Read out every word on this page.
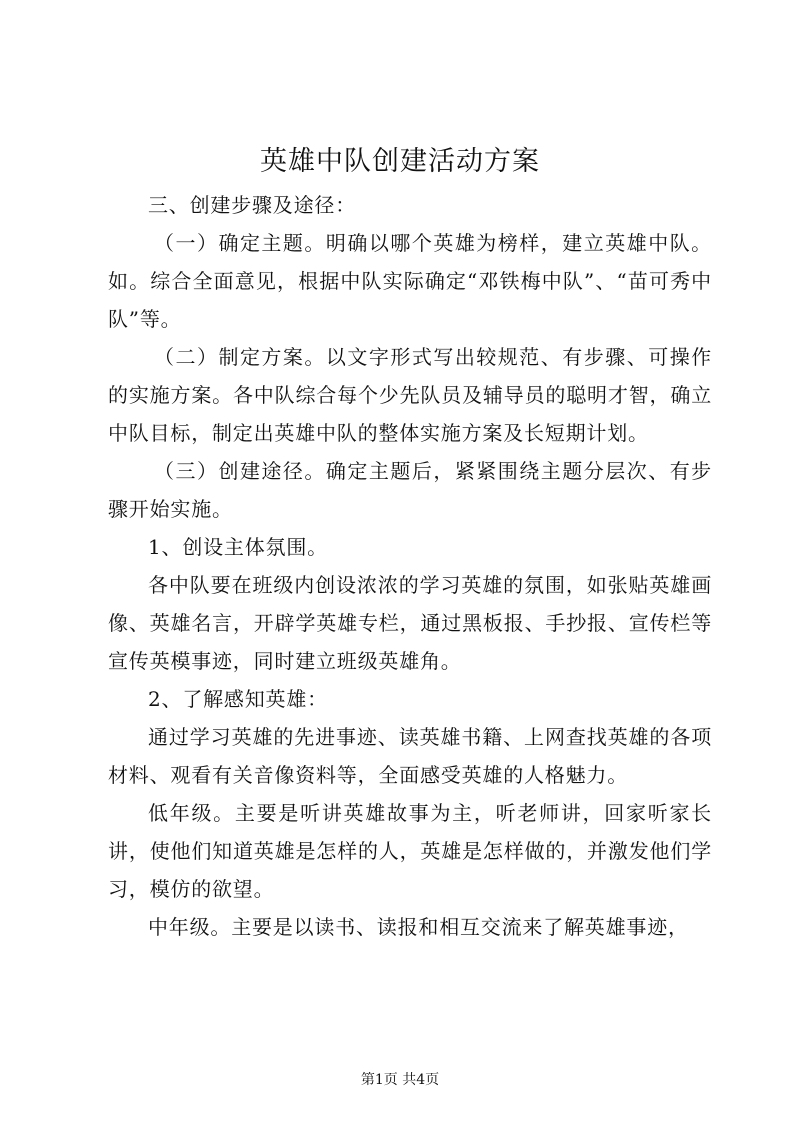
英雄中队创建活动方案

三、创建步骤及途径：

（一）确定主题。明确以哪个英雄为榜样，建立英雄中队。如。综合全面意见，根据中队实际确定“邓铁梅中队”、“苗可秀中队”等。

（二）制定方案。以文字形式写出较规范、有步骤、可操作的实施方案。各中队综合每个少先队员及辅导员的聪明才智，确立中队目标，制定出英雄中队的整体实施方案及长短期计划。

（三）创建途径。确定主题后，紧紧围绕主题分层次、有步骤开始实施。

1、创设主体氛围。

各中队要在班级内创设浓浓的学习英雄的氛围，如张贴英雄画像、英雄名言，开辟学英雄专栏，通过黑板报、手抄报、宣传栏等宣传英模事迹，同时建立班级英雄角。

2、了解感知英雄：

通过学习英雄的先进事迹、读英雄书籍、上网查找英雄的各项材料、观看有关音像资料等，全面感受英雄的人格魅力。

低年级。主要是听讲英雄故事为主，听老师讲，回家听家长讲，使他们知道英雄是怎样的人，英雄是怎样做的，并激发他们学习，模仿的欲望。

中年级。主要是以读书、读报和相互交流来了解英雄事迹，

第1页 共4页
